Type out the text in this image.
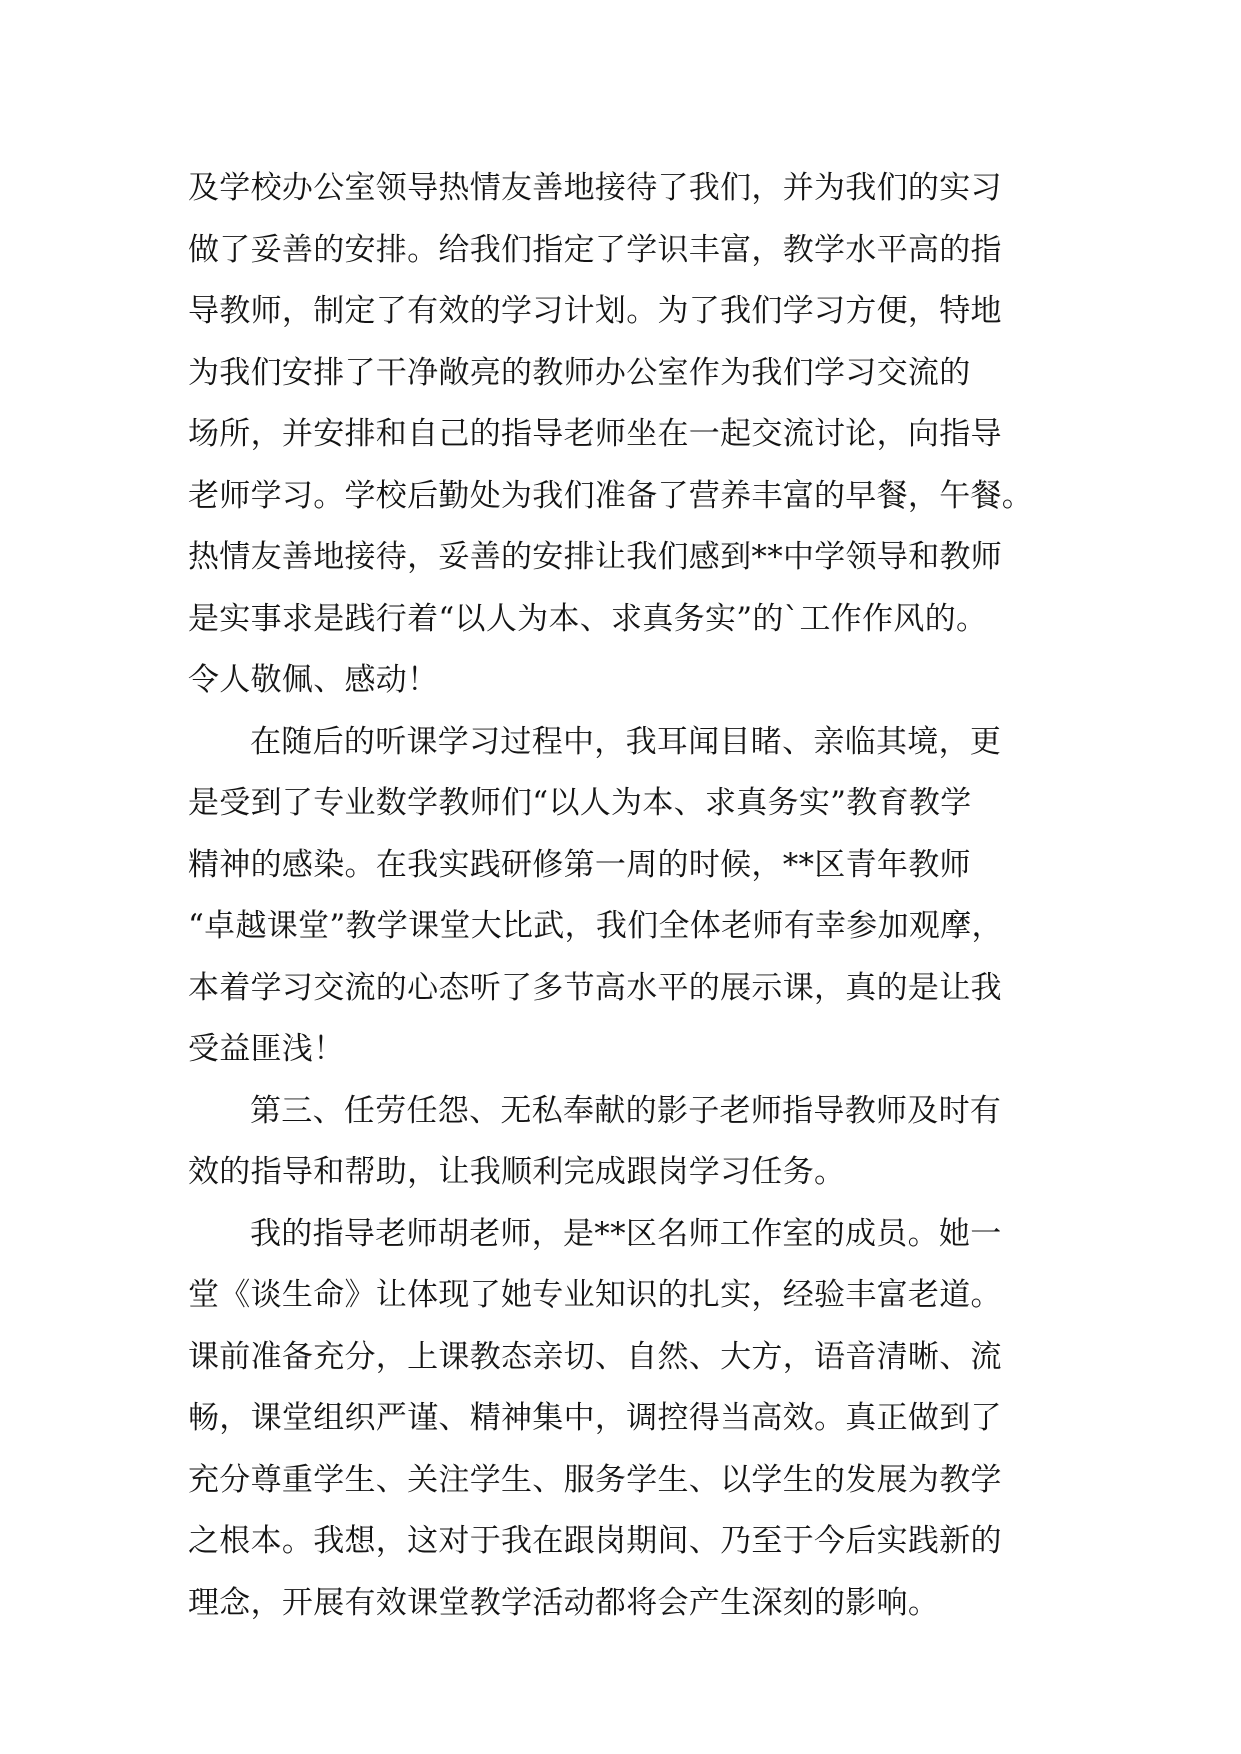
及学校办公室领导热情友善地接待了我们，并为我们的实习
做了妥善的安排。给我们指定了学识丰富，教学水平高的指
导教师，制定了有效的学习计划。为了我们学习方便，特地
为我们安排了干净敞亮的教师办公室作为我们学习交流的
场所，并安排和自己的指导老师坐在一起交流讨论，向指导
老师学习。学校后勤处为我们准备了营养丰富的早餐，午餐。
热情友善地接待，妥善的安排让我们感到**中学领导和教师
是实事求是践行着“以人为本、求真务实”的`工作作风的。
令人敬佩、感动！
在随后的听课学习过程中，我耳闻目睹、亲临其境，更
是受到了专业数学教师们“以人为本、求真务实”教育教学
精神的感染。在我实践研修第一周的时候，**区青年教师
“卓越课堂”教学课堂大比武，我们全体老师有幸参加观摩，
本着学习交流的心态听了多节高水平的展示课，真的是让我
受益匪浅！
第三、任劳任怨、无私奉献的影子老师指导教师及时有
效的指导和帮助，让我顺利完成跟岗学习任务。
我的指导老师胡老师，是**区名师工作室的成员。她一
堂《谈生命》让体现了她专业知识的扎实，经验丰富老道。
课前准备充分，上课教态亲切、自然、大方，语音清晰、流
畅，课堂组织严谨、精神集中，调控得当高效。真正做到了
充分尊重学生、关注学生、服务学生、以学生的发展为教学
之根本。我想，这对于我在跟岗期间、乃至于今后实践新的
理念，开展有效课堂教学活动都将会产生深刻的影响。
